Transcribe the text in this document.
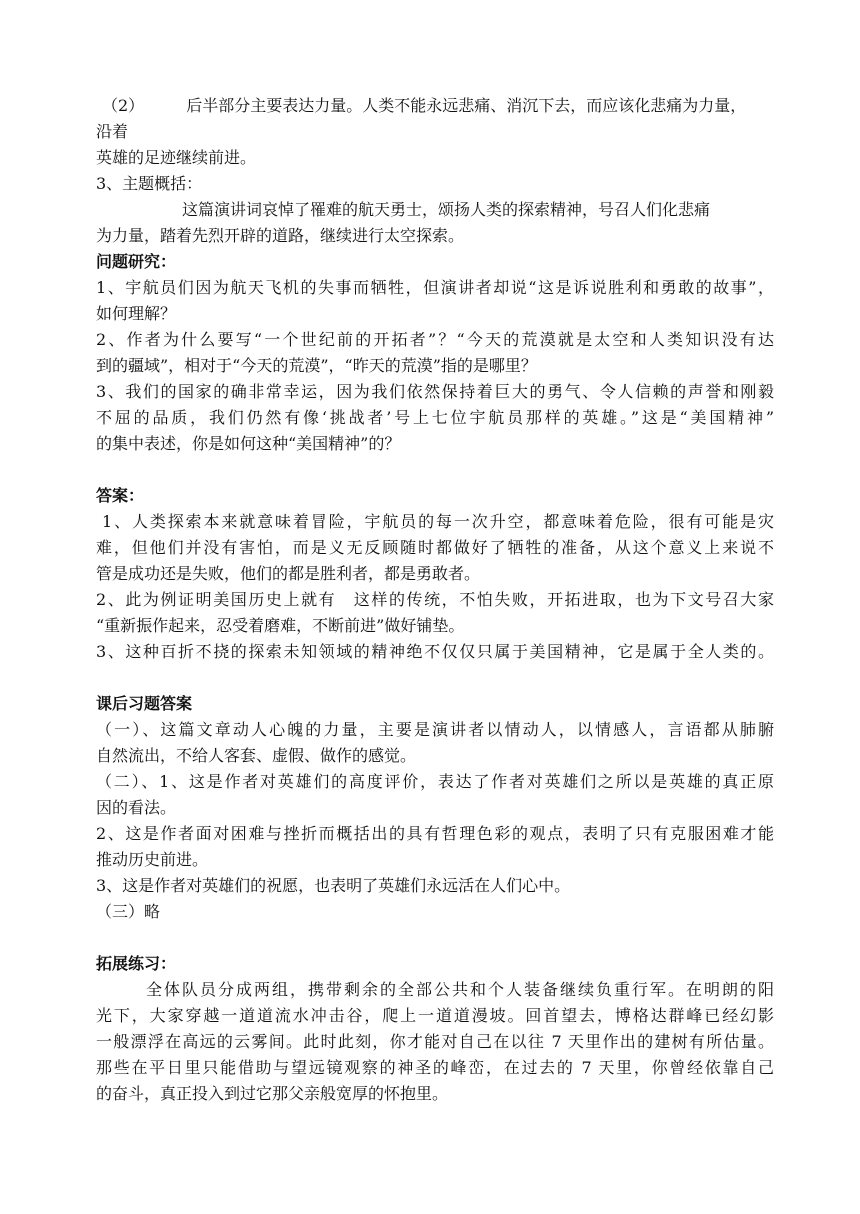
（2）	后半部分主要表达力量。人类不能永远悲痛、消沉下去，而应该化悲痛为力量，
沿着
英雄的足迹继续前进。
3、主题概括：
这篇演讲词哀悼了罹难的航天勇士，颂扬人类的探索精神，号召人们化悲痛
为力量，踏着先烈开辟的道路，继续进行太空探索。
问题研究：
1、宇航员们因为航天飞机的失事而牺牲，但演讲者却说“这是诉说胜利和勇敢的故事”，
如何理解？
2、作者为什么要写“一个世纪前的开拓者”？“今天的荒漠就是太空和人类知识没有达
到的疆域”，相对于“今天的荒漠”，“昨天的荒漠”指的是哪里？
3、我们的国家的确非常幸运，因为我们依然保持着巨大的勇气、令人信赖的声誉和刚毅
不屈的品质，我们仍然有像‘挑战者’号上七位宇航员那样的英雄。”这是“美国精神”
的集中表述，你是如何这种“美国精神”的？
答案：
1、人类探索本来就意味着冒险，宇航员的每一次升空，都意味着危险，很有可能是灾
难，但他们并没有害怕，而是义无反顾随时都做好了牺牲的准备，从这个意义上来说不
管是成功还是失败，他们的都是胜利者，都是勇敢者。
2、此为例证明美国历史上就有　这样的传统，不怕失败，开拓进取，也为下文号召大家
“重新振作起来，忍受着磨难，不断前进”做好铺垫。
3、这种百折不挠的探索未知领域的精神绝不仅仅只属于美国精神，它是属于全人类的。
课后习题答案
（一）、这篇文章动人心魄的力量，主要是演讲者以情动人，以情感人，言语都从肺腑
自然流出，不给人客套、虚假、做作的感觉。
（二）、1、这是作者对英雄们的高度评价，表达了作者对英雄们之所以是英雄的真正原
因的看法。
2、这是作者面对困难与挫折而概括出的具有哲理色彩的观点，表明了只有克服困难才能
推动历史前进。
3、这是作者对英雄们的祝愿，也表明了英雄们永远活在人们心中。
（三）略
拓展练习：
全体队员分成两组，携带剩余的全部公共和个人装备继续负重行军。在明朗的阳
光下，大家穿越一道道流水冲击谷，爬上一道道漫坡。回首望去，博格达群峰已经幻影
一般漂浮在高远的云雾间。此时此刻，你才能对自己在以往 7 天里作出的建树有所估量。
那些在平日里只能借助与望远镜观察的神圣的峰峦，在过去的 7 天里，你曾经依靠自己
的奋斗，真正投入到过它那父亲般宽厚的怀抱里。
